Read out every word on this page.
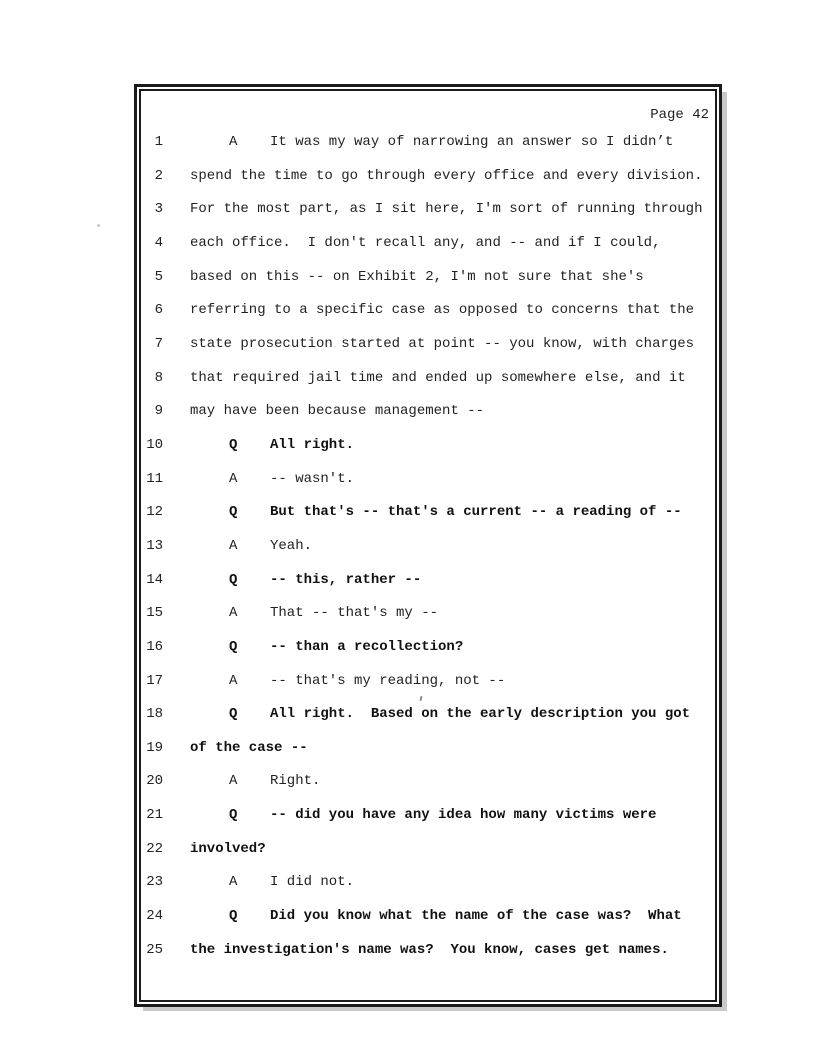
Page 42
1	A It was my way of narrowing an answer so I didn’t
2 spend the time to go through every office and every division.
3 For the most part, as I sit here, I'm sort of running through
4 each office.  I don't recall any, and -- and if I could,
5 based on this -- on Exhibit 2, I'm not sure that she's
6 referring to a specific case as opposed to concerns that the
7 state prosecution started at point -- you know, with charges
8 that required jail time and ended up somewhere else, and it
9 may have been because management --
10	Q All right.
11	A -- wasn't.
12	Q But that's -- that's a current -- a reading of --
13	A Yeah.
14	Q -- this, rather --
15	A That -- that's my --
16	Q -- than a recollection?
17	A -- that's my reading, not --
18	Q All right.  Based on the early description you got
19 of the case --
20	A Right.
21	Q -- did you have any idea how many victims were
22 involved?
23	A I did not.
24	Q Did you know what the name of the case was?  What
25 the investigation's name was?  You know, cases get names.
